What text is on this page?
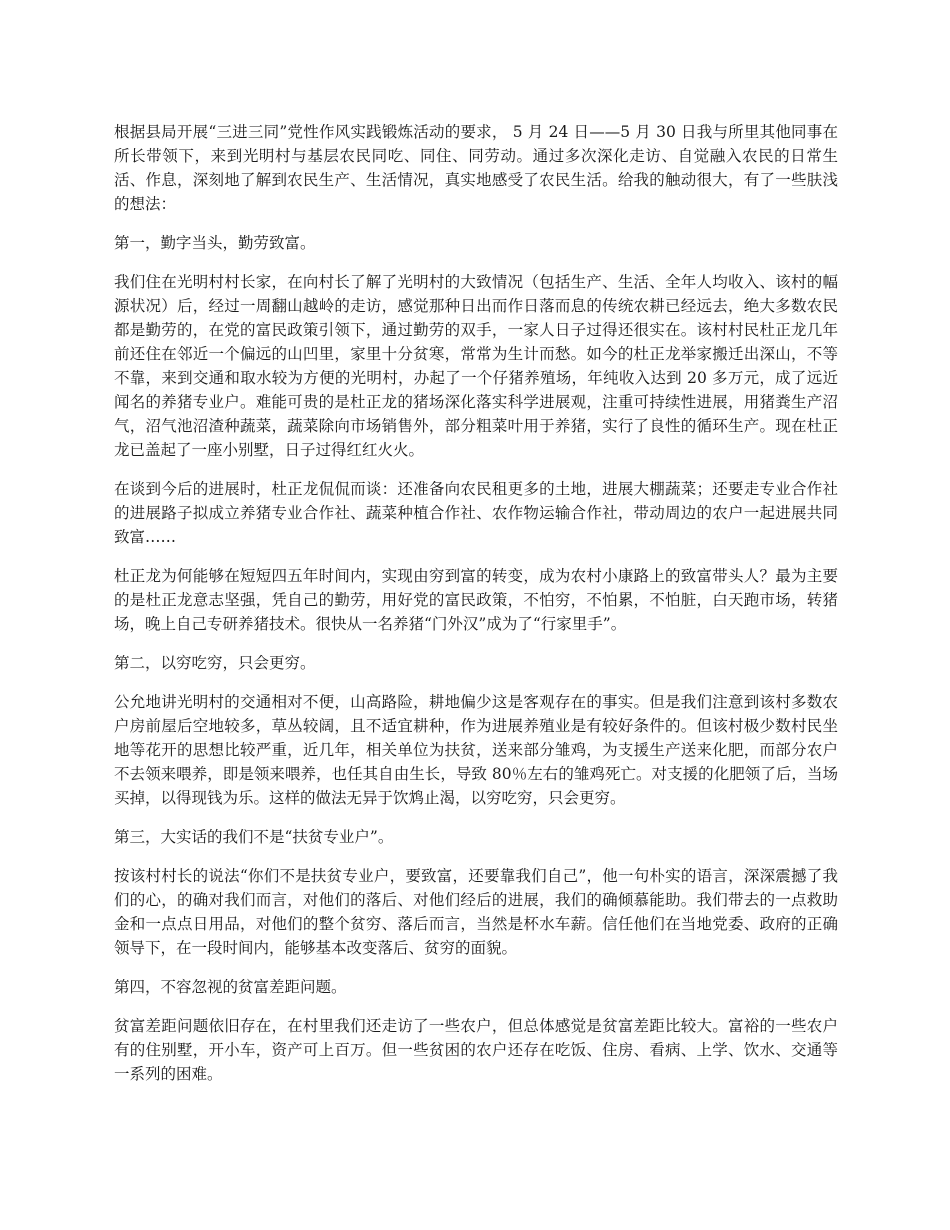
根据县局开展“三进三同”党性作风实践锻炼活动的要求， 5 月 24 日——5 月 30 日我与所里其他同事在所长带领下，来到光明村与基层农民同吃、同住、同劳动。通过多次深化走访、自觉融入农民的日常生活、作息，深刻地了解到农民生产、生活情况，真实地感受了农民生活。给我的触动很大，有了一些肤浅的想法：

第一，勤字当头，勤劳致富。

我们住在光明村村长家，在向村长了解了光明村的大致情况（包括生产、生活、全年人均收入、该村的幅源状况）后，经过一周翻山越岭的走访，感觉那种日出而作日落而息的传统农耕已经远去，绝大多数农民都是勤劳的，在党的富民政策引领下，通过勤劳的双手，一家人日子过得还很实在。该村村民杜正龙几年前还住在邻近一个偏远的山凹里，家里十分贫寒，常常为生计而愁。如今的杜正龙举家搬迁出深山，不等不靠，来到交通和取水较为方便的光明村，办起了一个仔猪养殖场，年纯收入达到 20 多万元，成了远近闻名的养猪专业户。难能可贵的是杜正龙的猪场深化落实科学进展观，注重可持续性进展，用猪粪生产沼气，沼气池沼渣种蔬菜，蔬菜除向市场销售外，部分粗菜叶用于养猪，实行了良性的循环生产。现在杜正龙已盖起了一座小别墅，日子过得红红火火。

在谈到今后的进展时，杜正龙侃侃而谈：还准备向农民租更多的土地，进展大棚蔬菜；还要走专业合作社的进展路子拟成立养猪专业合作社、蔬菜种植合作社、农作物运输合作社，带动周边的农户一起进展共同致富……

杜正龙为何能够在短短四五年时间内，实现由穷到富的转变，成为农村小康路上的致富带头人？最为主要的是杜正龙意志坚强，凭自己的勤劳，用好党的富民政策，不怕穷，不怕累，不怕脏，白天跑市场，转猪场，晚上自己专研养猪技术。很快从一名养猪“门外汉”成为了“行家里手”。

第二，以穷吃穷，只会更穷。

公允地讲光明村的交通相对不便，山高路险，耕地偏少这是客观存在的事实。但是我们注意到该村多数农户房前屋后空地较多，草丛较阔，且不适宜耕种，作为进展养殖业是有较好条件的。但该村极少数村民坐地等花开的思想比较严重，近几年，相关单位为扶贫，送来部分雏鸡，为支援生产送来化肥，而部分农户不去领来喂养，即是领来喂养，也任其自由生长，导致 80％左右的雏鸡死亡。对支援的化肥领了后，当场买掉，以得现钱为乐。这样的做法无异于饮鸩止渴，以穷吃穷，只会更穷。

第三，大实话的我们不是“扶贫专业户”。

按该村村长的说法“你们不是扶贫专业户，要致富，还要靠我们自己”，他一句朴实的语言，深深震撼了我们的心，的确对我们而言，对他们的落后、对他们经后的进展，我们的确倾慕能助。我们带去的一点救助金和一点点日用品，对他们的整个贫穷、落后而言，当然是杯水车薪。信任他们在当地党委、政府的正确领导下，在一段时间内，能够基本改变落后、贫穷的面貌。

第四，不容忽视的贫富差距问题。

贫富差距问题依旧存在，在村里我们还走访了一些农户，但总体感觉是贫富差距比较大。富裕的一些农户有的住别墅，开小车，资产可上百万。但一些贫困的农户还存在吃饭、住房、看病、上学、饮水、交通等一系列的困难。
